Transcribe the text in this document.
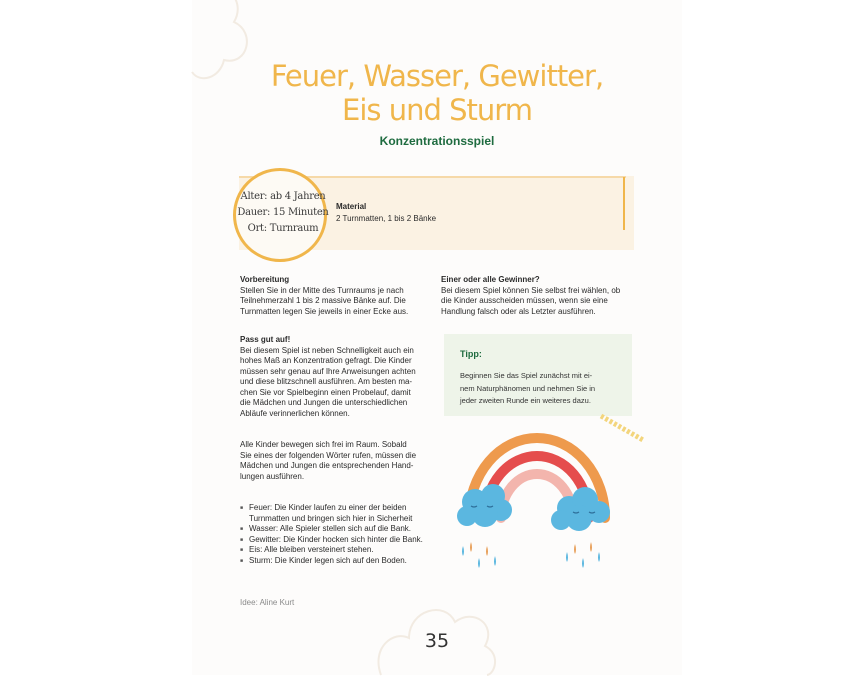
Feuer, Wasser, Gewitter,
Eis und Sturm
Konzentrationsspiel
Alter: ab 4 Jahren
Dauer: 15 Minuten
Ort: Turnraum
Material
2 Turnmatten, 1 bis 2 Bänke
Vorbereitung

Stellen Sie in der Mitte des Turnraums je nach
Teilnehmerzahl 1 bis 2 massive Bänke auf. Die
Turnmatten legen Sie jeweils in einer Ecke aus.

Pass gut auf!

Bei diesem Spiel ist neben Schnelligkeit auch ein
hohes Maß an Konzentration gefragt. Die Kinder
müssen sehr genau auf Ihre Anweisungen achten
und diese blitzschnell ausführen. Am besten ma-
chen Sie vor Spielbeginn einen Probelauf, damit
die Mädchen und Jungen die unterschiedlichen
Abläufe verinnerlichen können.

Alle Kinder bewegen sich frei im Raum. Sobald
Sie eines der folgenden Wörter rufen, müssen die
Mädchen und Jungen die entsprechenden Hand-
lungen ausführen.

■ Feuer: Die Kinder laufen zu einer der beiden
Turnmatten und bringen sich hier in Sicherheit
■ Wasser: Alle Spieler stellen sich auf die Bank.
■ Gewitter: Die Kinder hocken sich hinter die Bank.
■ Eis: Alle bleiben versteinert stehen.
■ Sturm: Die Kinder legen sich auf den Boden.
Idee: Aline Kurt
Einer oder alle Gewinner?

Bei diesem Spiel können Sie selbst frei wählen, ob
die Kinder ausscheiden müssen, wenn sie eine
Handlung falsch oder als Letzter ausführen.

Tipp:
Beginnen Sie das Spiel zunächst mit ei-
nem Naturphänomen und nehmen Sie in
jeder zweiten Runde ein weiteres dazu.
35
